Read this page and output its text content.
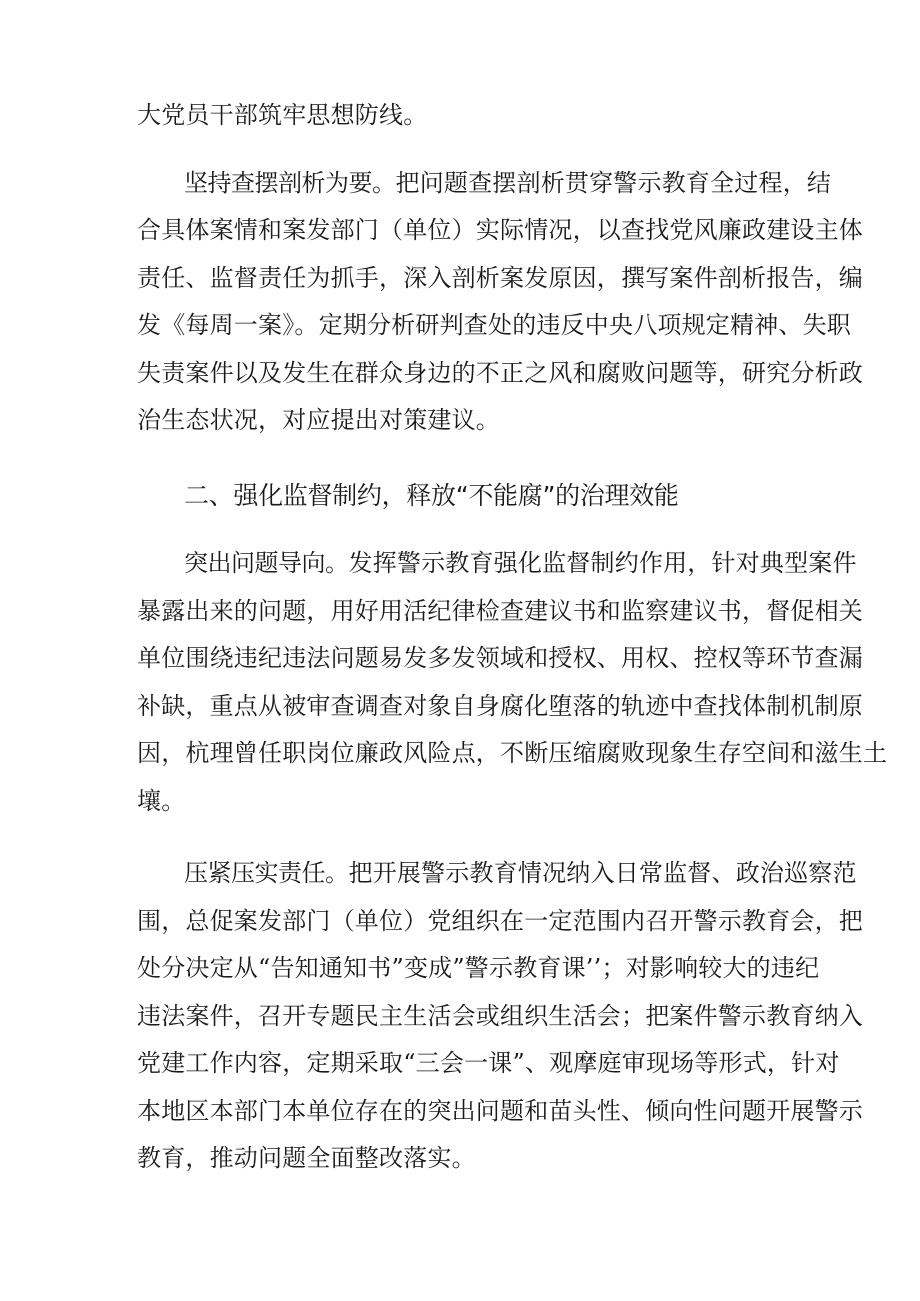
大党员干部筑牢思想防线。
坚持查摆剖析为要。把问题查摆剖析贯穿警示教育全过程，结
合具体案情和案发部门（单位）实际情况，以查找党风廉政建设主体
责任、监督责任为抓手，深入剖析案发原因，撰写案件剖析报告，编
发《每周一案》。定期分析研判查处的违反中央八项规定精神、失职
失责案件以及发生在群众身边的不正之风和腐败问题等，研究分析政
治生态状况，对应提出对策建议。
二、强化监督制约，释放“不能腐”的治理效能
突出问题导向。发挥警示教育强化监督制约作用，针对典型案件
暴露出来的问题，用好用活纪律检查建议书和监察建议书，督促相关
单位围绕违纪违法问题易发多发领域和授权、用权、控权等环节查漏
补缺，重点从被审查调查对象自身腐化堕落的轨迹中查找体制机制原
因，杭理曾任职岗位廉政风险点，不断压缩腐败现象生存空间和滋生土
壤。
压紧压实责任。把开展警示教育情况纳入日常监督、政治巡察范
围，总促案发部门（单位）党组织在一定范围内召开警示教育会，把
处分决定从“告知通知书”变成”警示教育课’’；对影响较大的违纪
违法案件，召开专题民主生活会或组织生活会；把案件警示教育纳入
党建工作内容，定期采取“三会一课”、观摩庭审现场等形式，针对
本地区本部门本单位存在的突出问题和苗头性、倾向性问题开展警示
教育，推动问题全面整改落实。
